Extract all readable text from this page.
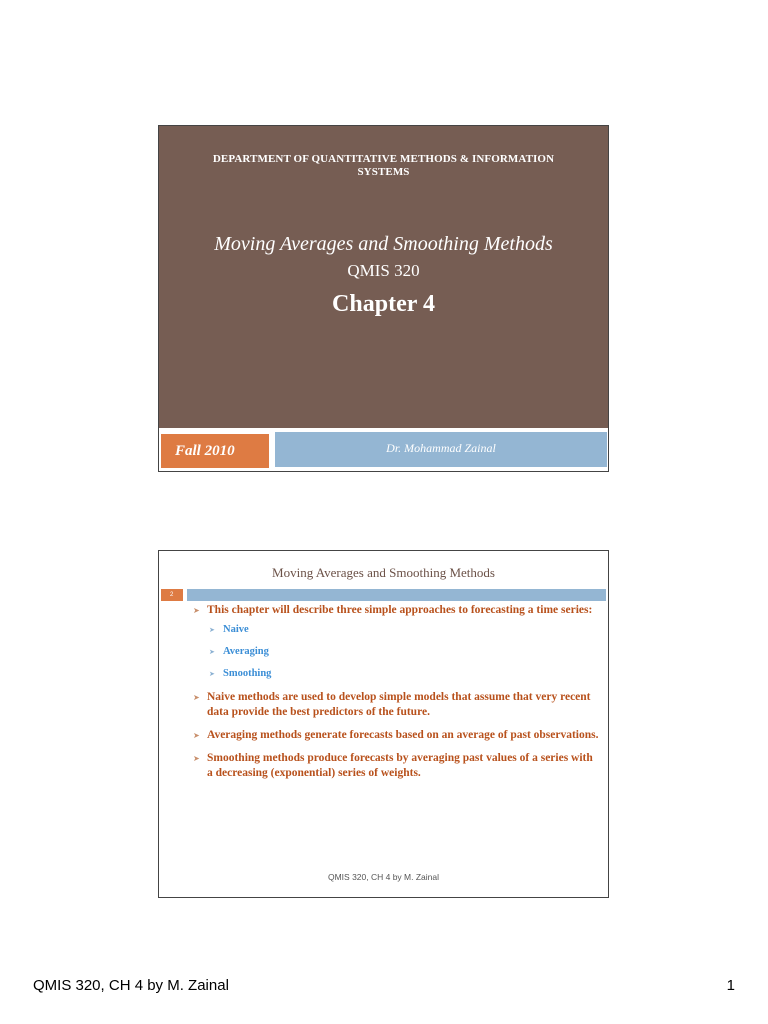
DEPARTMENT OF QUANTITATIVE METHODS & INFORMATION SYSTEMS
Moving Averages and Smoothing Methods
QMIS 320
Chapter 4
Fall 2010	Dr. Mohammad Zainal
Moving Averages and Smoothing Methods
2
➤ This chapter will describe three simple approaches to forecasting a time series:
➤ Naive
➤ Averaging
➤ Smoothing
➤ Naive methods are used to develop simple models that assume that very recent data provide the best predictors of the future.
➤ Averaging methods generate forecasts based on an average of past observations.
➤ Smoothing methods produce forecasts by averaging past values of a series with a decreasing (exponential) series of weights.
QMIS 320, CH 4 by M. Zainal
QMIS 320, CH 4 by M. Zainal	1
